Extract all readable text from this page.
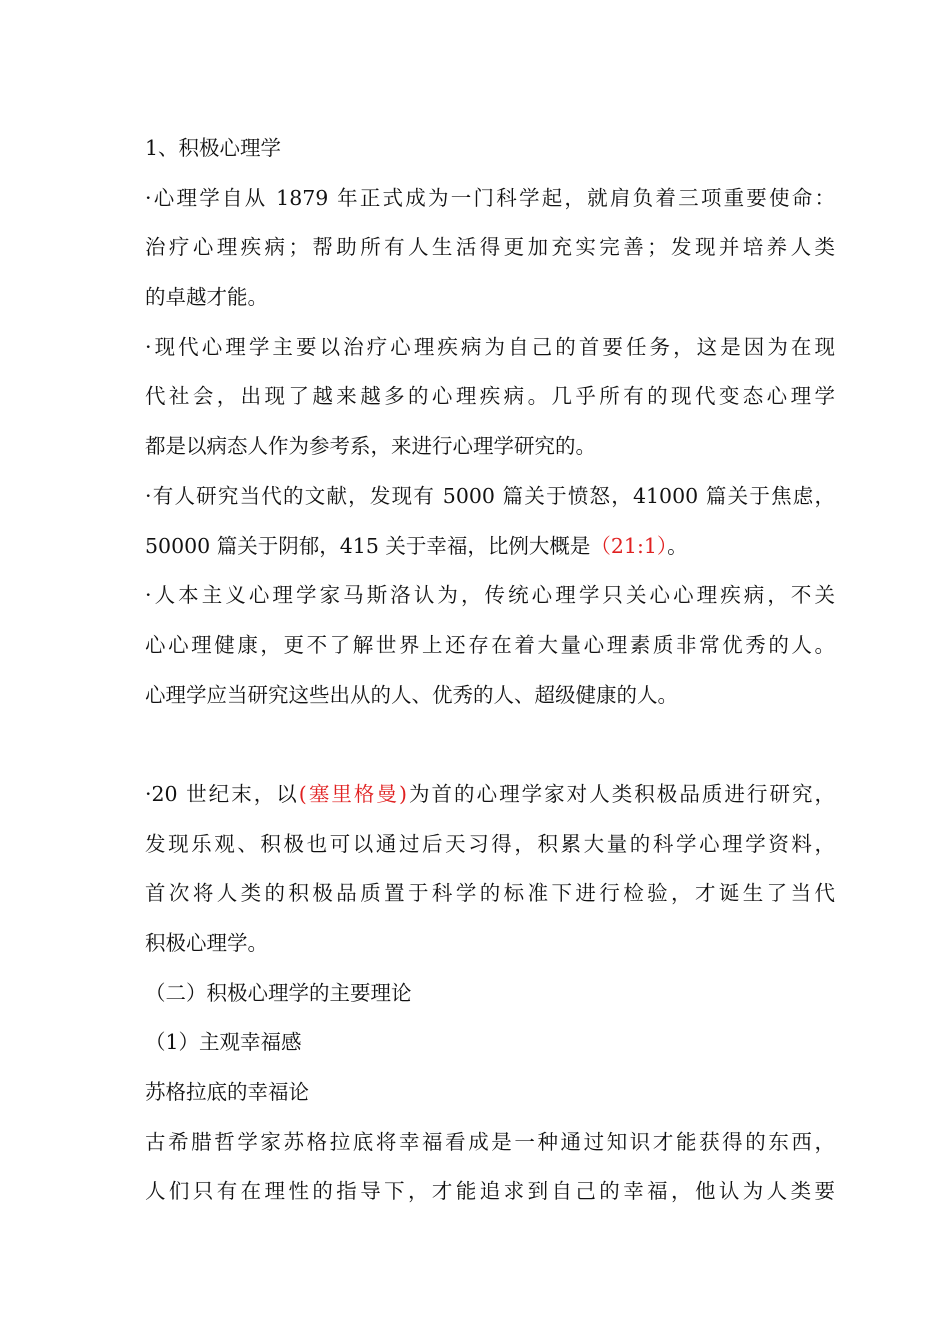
1、积极心理学
·心理学自从 1879 年正式成为一门科学起，就肩负着三项重要使命：
治疗心理疾病；帮助所有人生活得更加充实完善；发现并培养人类
的卓越才能。
·现代心理学主要以治疗心理疾病为自己的首要任务，这是因为在现
代社会，出现了越来越多的心理疾病。几乎所有的现代变态心理学
都是以病态人作为参考系，来进行心理学研究的。
·有人研究当代的文献，发现有 5000 篇关于愤怒，41000 篇关于焦虑，
50000 篇关于阴郁，415 关于幸福，比例大概是（21:1）。
·人本主义心理学家马斯洛认为，传统心理学只关心心理疾病，不关
心心理健康，更不了解世界上还存在着大量心理素质非常优秀的人。
心理学应当研究这些出从的人、优秀的人、超级健康的人。
·20 世纪末，以(塞里格曼)为首的心理学家对人类积极品质进行研究，
发现乐观、积极也可以通过后天习得，积累大量的科学心理学资料，
首次将人类的积极品质置于科学的标准下进行检验，才诞生了当代
积极心理学。
（二）积极心理学的主要理论
（1）主观幸福感
苏格拉底的幸福论
古希腊哲学家苏格拉底将幸福看成是一种通过知识才能获得的东西，
人们只有在理性的指导下，才能追求到自己的幸福，他认为人类要
